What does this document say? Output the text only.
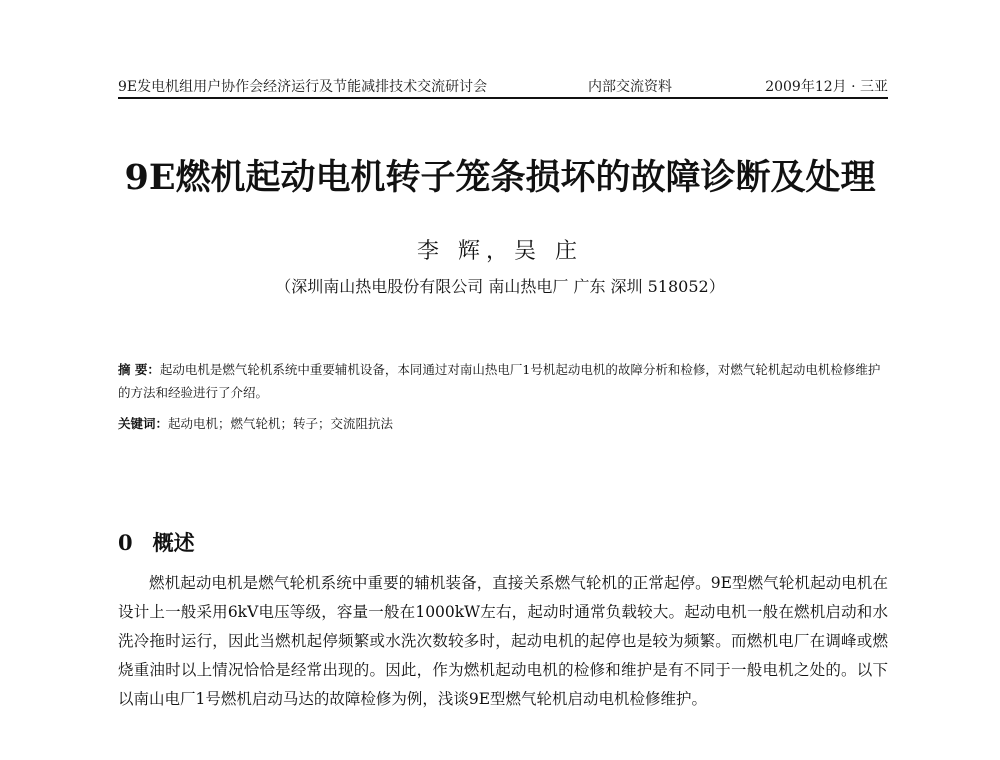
9E发电机组用户协作会经济运行及节能减排技术交流研讨会	内部交流资料	2009年12月 · 三亚
9E燃机起动电机转子笼条损坏的故障诊断及处理
李 辉，吴 庄
（深圳南山热电股份有限公司 南山热电厂 广东 深圳 518052）
摘 要：起动电机是燃气轮机系统中重要辅机设备，本同通过对南山热电厂1号机起动电机的故障分析和检修，对燃气轮机起动电机检修维护的方法和经验进行了介绍。
关键词：起动电机；燃气轮机；转子；交流阻抗法
0 概述
燃机起动电机是燃气轮机系统中重要的辅机装备，直接关系燃气轮机的正常起停。9E型燃气轮机起动电机在设计上一般采用6kV电压等级，容量一般在1000kW左右，起动时通常负载较大。起动电机一般在燃机启动和水洗冷拖时运行，因此当燃机起停频繁或水洗次数较多时，起动电机的起停也是较为频繁。而燃机电厂在调峰或燃烧重油时以上情况恰恰是经常出现的。因此，作为燃机起动电机的检修和维护是有不同于一般电机之处的。以下以南山电厂1号燃机启动马达的故障检修为例，浅谈9E型燃气轮机启动电机检修维护。
